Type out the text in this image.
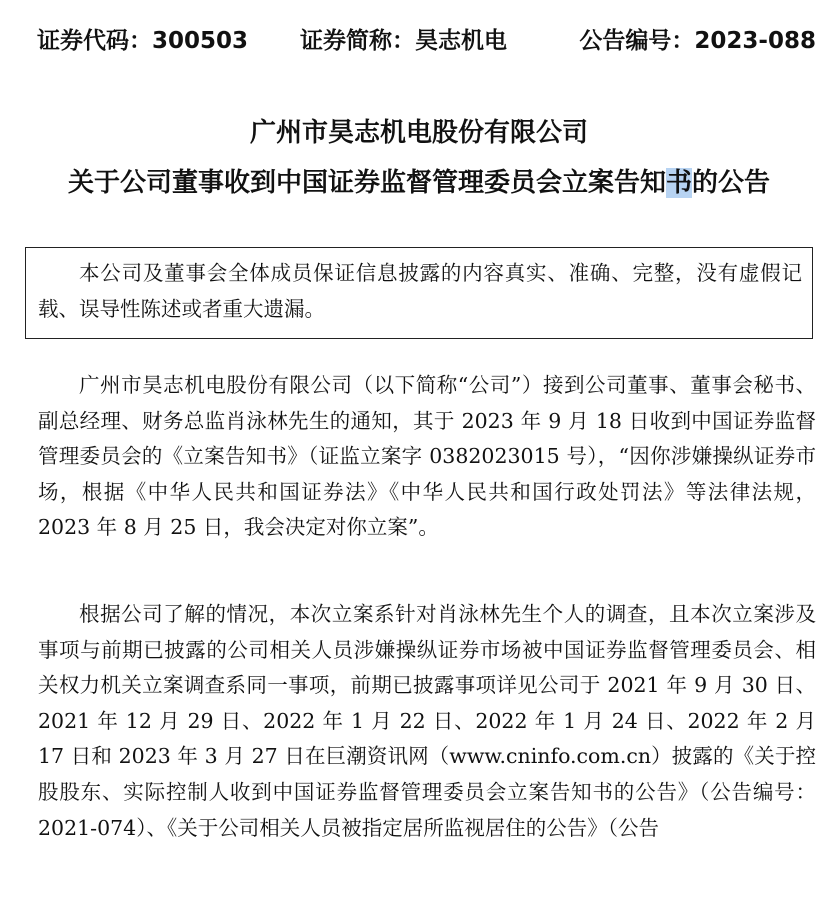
证券代码：300503 证券简称：昊志机电	公告编号：2023-088
广州市昊志机电股份有限公司
关于公司董事收到中国证券监督管理委员会立案告知书的公告

本公司及董事会全体成员保证信息披露的内容真实、准确、完整，没有虚假记载、误导性陈述或者重大遗漏。

广州市昊志机电股份有限公司（以下简称“公司”）接到公司董事、董事会秘书、副总经理、财务总监肖泳林先生的通知，其于 2023 年 9 月 18 日收到中国证券监督管理委员会的《立案告知书》（证监立案字 0382023015 号），“因你涉嫌操纵证券市场，根据《中华人民共和国证券法》《中华人民共和国行政处罚法》等法律法规，2023 年 8 月 25 日，我会决定对你立案”。

根据公司了解的情况，本次立案系针对肖泳林先生个人的调查，且本次立案涉及事项与前期已披露的公司相关人员涉嫌操纵证券市场被中国证券监督管理委员会、相关权力机关立案调查系同一事项，前期已披露事项详见公司于 2021 年 9 月 30 日、2021 年 12 月 29 日、2022 年 1 月 22 日、2022 年 1 月 24 日、2022 年 2 月 17 日和 2023 年 3 月 27 日在巨潮资讯网（www.cninfo.com.cn）披露的《关于控股股东、实际控制人收到中国证券监督管理委员会立案告知书的公告》（公告编号：2021-074）、《关于公司相关人员被指定居所监视居住的公告》（公告
